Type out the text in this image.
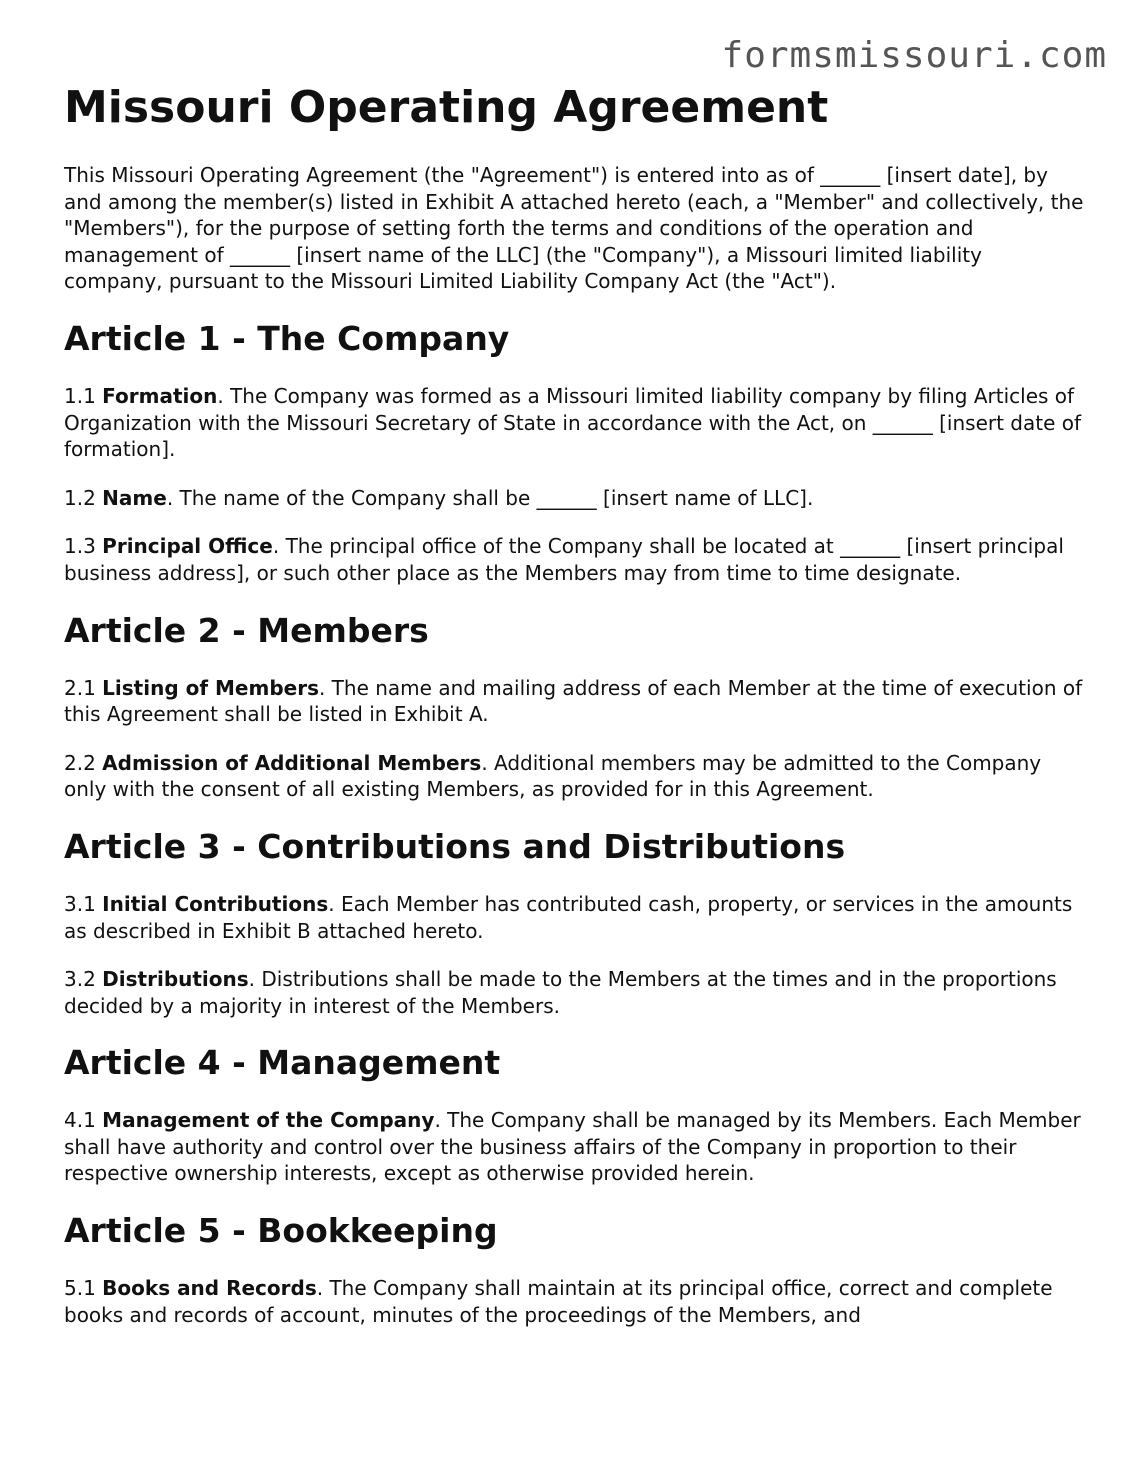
formsmissouri.com
Missouri Operating Agreement

This Missouri Operating Agreement (the "Agreement") is entered into as of ______ [insert date], by and among the member(s) listed in Exhibit A attached hereto (each, a "Member" and collectively, the "Members"), for the purpose of setting forth the terms and conditions of the operation and management of ______ [insert name of the LLC] (the "Company"), a Missouri limited liability company, pursuant to the Missouri Limited Liability Company Act (the "Act").

Article 1 - The Company

1.1 Formation. The Company was formed as a Missouri limited liability company by filing Articles of Organization with the Missouri Secretary of State in accordance with the Act, on ______ [insert date of formation].

1.2 Name. The name of the Company shall be ______ [insert name of LLC].

1.3 Principal Office. The principal office of the Company shall be located at ______ [insert principal business address], or such other place as the Members may from time to time designate.

Article 2 - Members

2.1 Listing of Members. The name and mailing address of each Member at the time of execution of this Agreement shall be listed in Exhibit A.

2.2 Admission of Additional Members. Additional members may be admitted to the Company only with the consent of all existing Members, as provided for in this Agreement.

Article 3 - Contributions and Distributions

3.1 Initial Contributions. Each Member has contributed cash, property, or services in the amounts as described in Exhibit B attached hereto.

3.2 Distributions. Distributions shall be made to the Members at the times and in the proportions decided by a majority in interest of the Members.

Article 4 - Management

4.1 Management of the Company. The Company shall be managed by its Members. Each Member shall have authority and control over the business affairs of the Company in proportion to their respective ownership interests, except as otherwise provided herein.

Article 5 - Bookkeeping

5.1 Books and Records. The Company shall maintain at its principal office, correct and complete books and records of account, minutes of the proceedings of the Members, and
